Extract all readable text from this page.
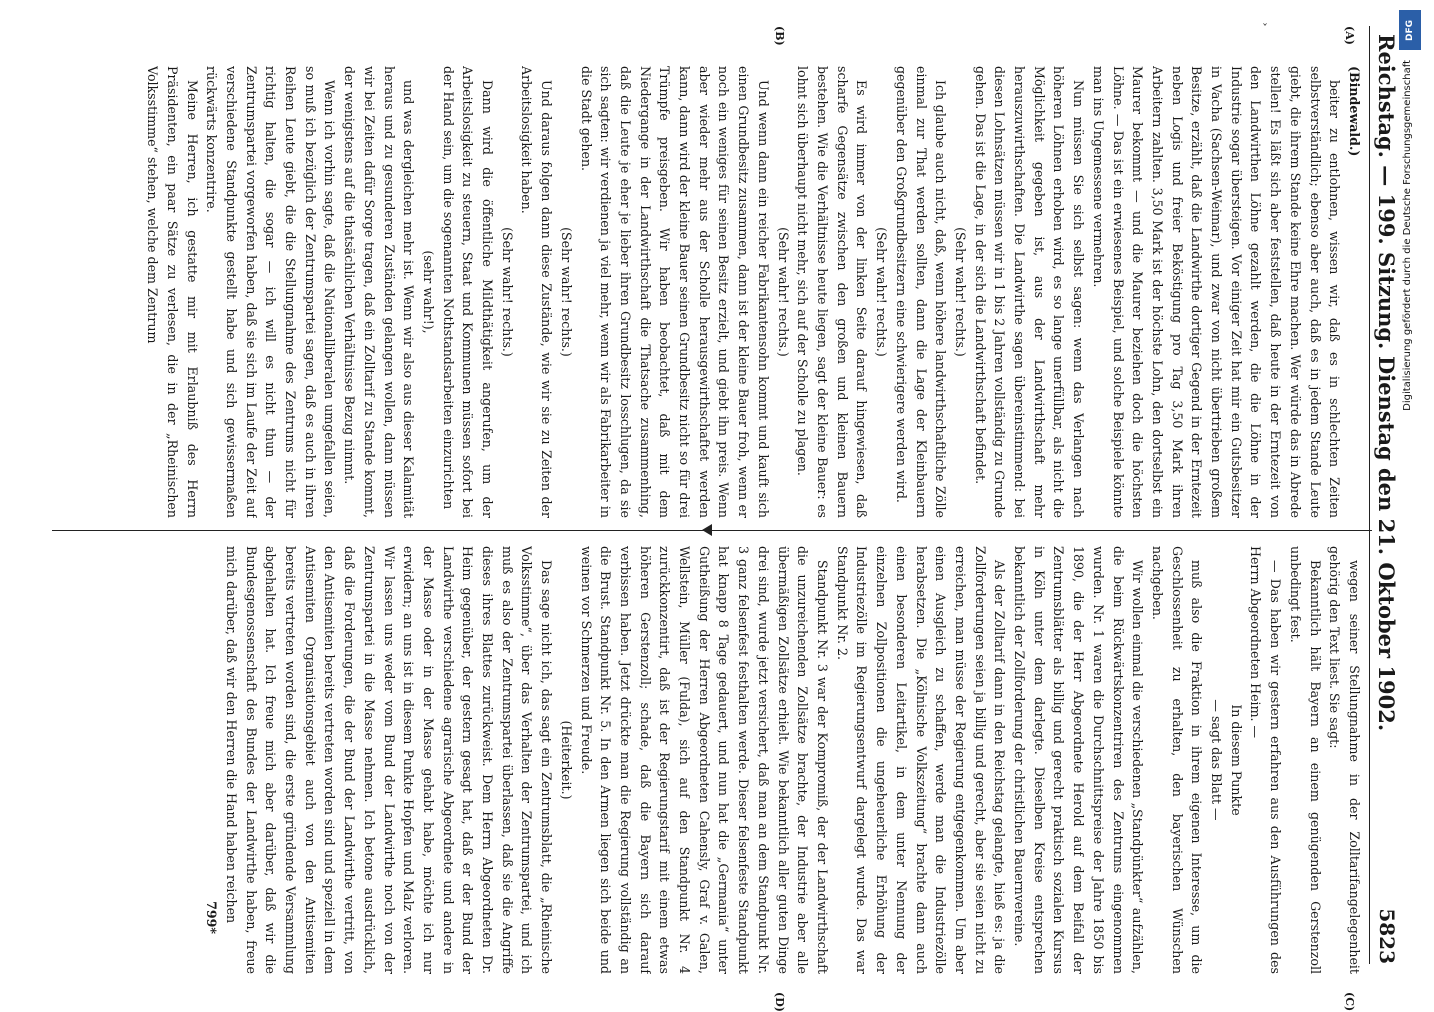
Reichstag. — 199. Sitzung.
Dienstag den 21. Oktober 1902.
5823
(A)
(B)
(C)
(D)

(Bindewald.)

beiter zu entlohnen, wissen wir, daß es in schlechten Zeiten selbstverständlich; ebenso aber auch, daß es in jedem Stande Leute giebt, die ihrem Stande keine Ehre machen. Wer würde das in Abrede stellen! Es läßt sich aber feststellen, daß heute in der Erntezeit von den Landwirthen Löhne gezahlt werden, die die Löhne in der Industrie sogar übersteigen. Vor einiger Zeit hat mir ein Gutsbesitzer in Vacha (Sachsen-Weimar), und zwar von nicht übertrieben großem Besitze, erzählt, daß die Landwirthe dortiger Gegend in der Erntezeit neben Logis und freier Beköstigung pro Tag 3,50 Mark ihren Arbeitern zahlten. 3,50 Mark ist der höchste Lohn, den dortselbst ein Maurer bekommt — und die Maurer beziehen doch die höchsten Löhne. — Das ist ein erwiesenes Beispiel, und solche Beispiele könnte man ins Ungemessene vermehren.

Nun müssen Sie sich selbst sagen: wenn das Verlangen nach höheren Löhnen erhoben wird, es so lange unerfüllbar, als nicht die Möglichkeit gegeben ist, aus der Landwirthschaft mehr herauszuwirthschaften. Die Landwirthe sagen übereinstimmend: bei diesen Lohnsätzen müssen wir in 1 bis 2 Jahren vollständig zu Grunde gehen. Das ist die Lage, in der sich die Landwirthschaft befindet.

(Sehr wahr! rechts.)

Ich glaube auch nicht, daß, wenn höhere landwirthschaftliche Zölle einmal zur That werden sollten, dann die Lage der Kleinbauern gegenüber den Großgrundbesitzern eine schwierigere werden wird.

(Sehr wahr! rechts.)

Es wird immer von der linken Seite darauf hingewiesen, daß scharfe Gegensätze zwischen den großen und kleinen Bauern bestehen. Wie die Verhältnisse heute liegen, sagt der kleine Bauer: es lohnt sich überhaupt nicht mehr, sich auf der Scholle zu plagen.

(Sehr wahr! rechts.)

Und wenn dann ein reicher Fabrikantensohn kommt und kauft sich einen Grundbesitz zusammen, dann ist der kleine Bauer froh, wenn er noch ein weniges für seinen Besitz erzielt, und giebt ihn preis. Wenn aber wieder mehr aus der Scholle herausgewirthschaftet werden kann, dann wird der kleine Bauer seinen Grundbesitz nicht so für drei Trümpfe preisgeben. Wir haben beobachtet, daß mit dem Niedergange in der Landwirthschaft die Thatsache zusammenhing, daß die Leute je eher je lieber ihren Grundbesitz losschlugen, da sie sich sagten: wir verdienen ja viel mehr, wenn wir als Fabrikarbeiter in die Stadt gehen.

(Sehr wahr! rechts.)

Und daraus folgen dann diese Zustände, wie wir sie zu Zeiten der Arbeitslosigkeit haben.

(Sehr wahr! rechts.)

Dann wird die öffentliche Mildthätigkeit angerufen, um der Arbeitslosigkeit zu steuern, Staat und Kommunen müssen sofort bei der Hand sein, um die sogenannten Nothstandsarbeiten einzurichten

(sehr wahr!),

und was dergleichen mehr ist. Wenn wir also aus dieser Kalamität heraus und zu gesunderen Zuständen gelangen wollen, dann müssen wir bei Zeiten dafür Sorge tragen, daß ein Zolltarif zu Stande kommt, der wenigstens auf die thatsächlichen Verhältnisse Bezug nimmt.

Wenn ich vorhin sagte, daß die Nationalliberalen umgefallen seien, so muß ich bezüglich der Zentrumspartei sagen, daß es auch in ihren Reihen Leute giebt, die die Stellungnahme des Zentrums nicht für richtig halten, die sogar — ich will es nicht thun — der Zentrumspartei vorgeworfen haben, daß sie sich im Laufe der Zeit auf verschiedene Standpunkte gestellt habe und sich gewissermaßen rückwärts konzentrire.

Meine Herren, ich gestatte mir mit Erlaubniß des Herrn Präsidenten, ein paar Sätze zu verlesen, die in der „Rheinischen Volksstimme“ stehen, welche dem Zentrum

wegen seiner Stellungnahme in der Zolltarifangelegenheit gehörig den Text liest. Sie sagt:

Bekanntlich hält Bayern an einem genügenden Gerstenzoll unbedingt fest.

— Das haben wir gestern erfahren aus den Ausführungen des Herrn Abgeordneten Heim. —

In diesem Punkte

— sagt das Blatt —

muß also die Fraktion in ihrem eigenen Interesse, um die Geschlossenheit zu erhalten, den bayerischen Wünschen nachgeben.

Wir wollen einmal die verschiedenen „Standpünkter“ aufzählen, die beim Rückwärtskonzentriren des Zentrums eingenommen wurden. Nr. 1 waren die Durchschnittspreise der Jahre 1850 bis 1890, die der Herr Abgeordnete Herold auf dem Beifall der Zentrumsblätter als billig und gerecht praktisch sozialen Kursus in Köln unter dem darlegte. Dieselben Kreise entsprechen bekanntlich der Zollforderung der christlichen Bauernvereine.

Als der Zolltarif dann in den Reichstag gelangte, hieß es: ja die Zollforderungen seien ja billig und gerecht, aber sie seien nicht zu erreichen, man müsse der Regierung entgegenkommen. Um aber einen Ausgleich zu schaffen, werde man die Industriezölle herabsetzen. Die „Kölnische Volkszeitung“ brachte dann auch einen besonderen Leitartikel, in dem unter Nennung der einzelnen Zollpositionen die ungeheuerliche Erhöhung der Industriezölle im Regierungsentwurf dargelegt wurde. Das war Standpunkt Nr. 2.

Standpunkt Nr. 3 war der Kompromiß, der der Landwirthschaft die unzureichenden Zollsätze brachte, der Industrie aber alle übermäßigen Zollsätze erhielt. Wie bekanntlich aller guten Dinge drei sind, wurde jetzt versichert, daß man an dem Standpunkt Nr. 3 ganz felsenfest festhalten werde. Dieser felsenfeste Standpunkt hat knapp 8 Tage gedauert, und nun hat die „Germania“ unter Gutheißung der Herren Abgeordneten Cahensly, Graf v. Galen, Wellstein, Müller (Fulda), sich auf den Standpunkt Nr. 4 zurückkonzentirt, daß ist der Regierungstarif mit einem etwas höheren Gerstenzoll; schade, daß die Bayern sich darauf verbissen haben. Jetzt drückte man die Regierung vollständig an die Brust. Standpunkt Nr. 5. In den Armen liegen sich beide und weinen vor Schmerzen und Freude.

(Heiterkeit.)

Das sage nicht ich, das sagt ein Zentrumsblatt, die „Rheinische Volksstimme“, über das Verhalten der Zentrumspartei, und ich muß es also der Zentrumspartei überlassen, daß sie die Angriffe dieses ihres Blattes zurückweist. Dem Herrn Abgeordneten Dr. Heim gegenüber, der gestern gesagt hat, daß er der Bund der Landwirthe verschiedene agrarische Abgeordnete und andere in der Masse oder in der Masse gehabt habe, möchte ich nur erwidern; an uns ist in diesem Punkte Hopfen und Malz verloren. Wir lassen uns weder vom Bund der Landwirthe noch von der Zentrumspartei in die Masse nehmen. Ich betone ausdrücklich, daß die Forderungen, die der Bund der Landwirthe vertritt, von den Antisemiten bereits vertreten worden sind und speziell in dem Antisemiten Organisationsgebiet auch von den Antisemiten bereits vertreten worden sind, die erste gründende Versammlung abgehalten hat. Ich freue mich aber darüber, daß wir die Bundesgenossenschaft des Bundes der Landwirthe haben, freue mich darüber, daß wir den Herren die Hand haben reichen

799*

DFG
Digitalisierung gefördert durch die Deutsche Forschungsgemeinschaft
ˇ
